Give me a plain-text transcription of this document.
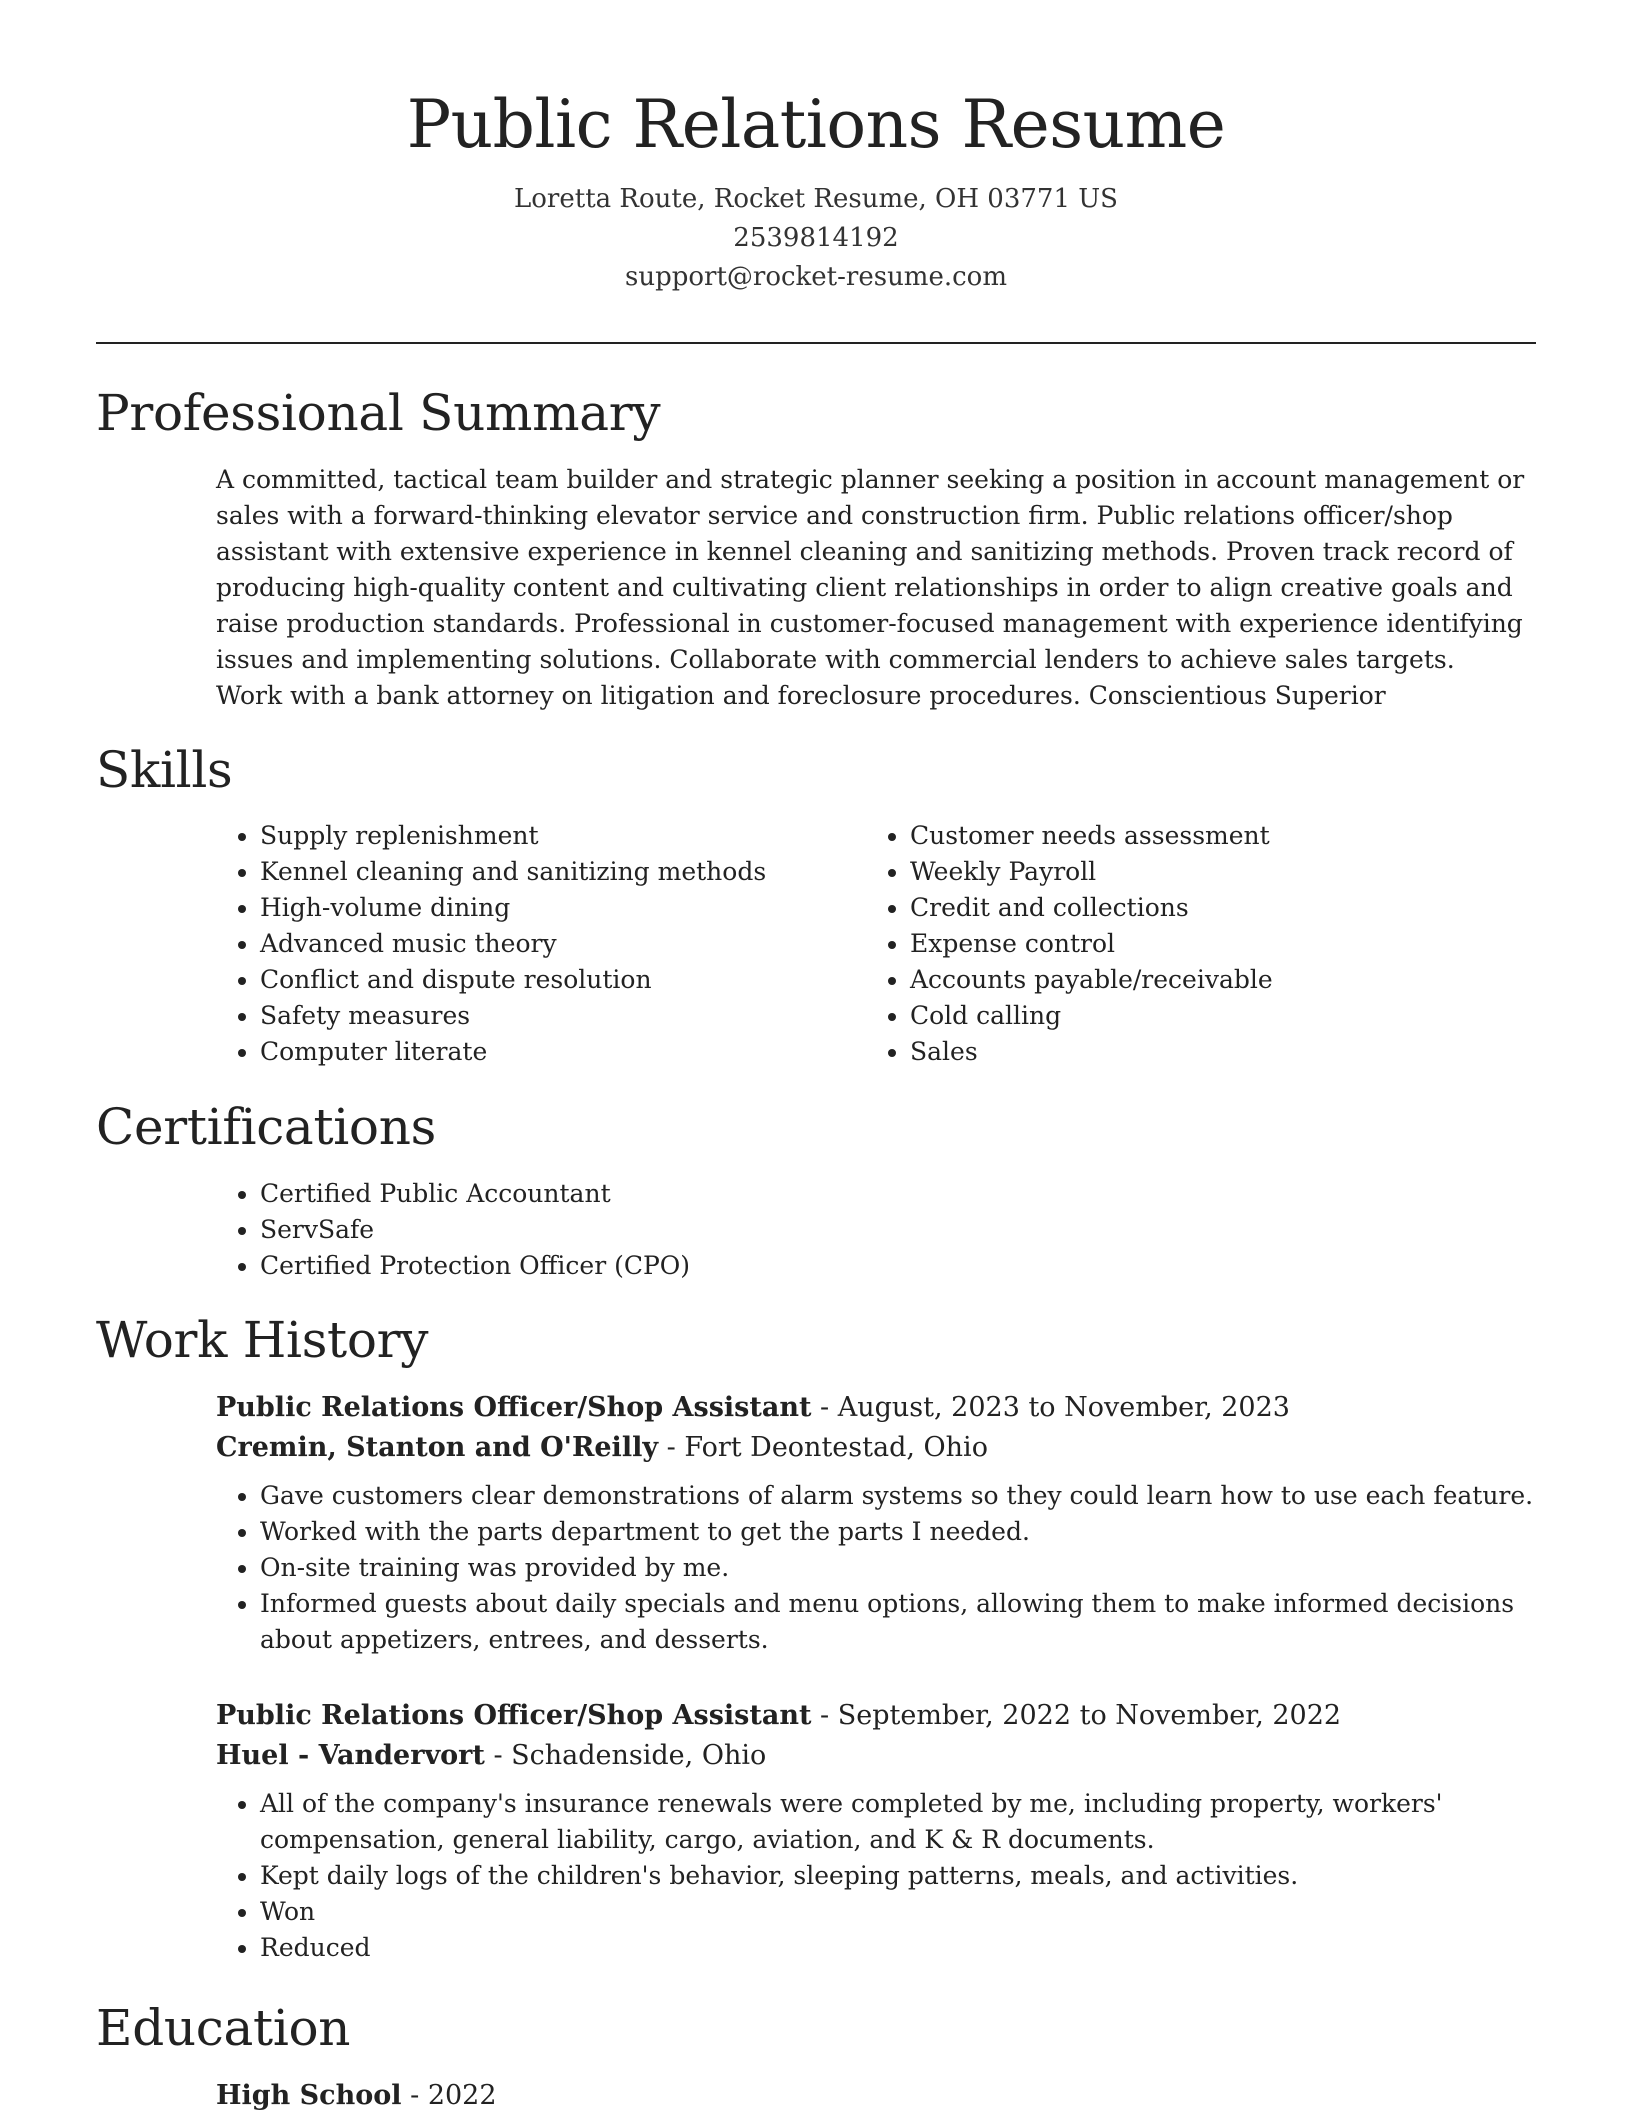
Public Relations Resume
Loretta Route, Rocket Resume, OH 03771 US
2539814192
support@rocket-resume.com
Professional Summary

A committed, tactical team builder and strategic planner seeking a position in account management or sales with a forward-thinking elevator service and construction firm. Public relations officer/shop assistant with extensive experience in kennel cleaning and sanitizing methods. Proven track record of producing high-quality content and cultivating client relationships in order to align creative goals and raise production standards. Professional in customer-focused management with experience identifying issues and implementing solutions. Collaborate with commercial lenders to achieve sales targets. Work with a bank attorney on litigation and foreclosure procedures. Conscientious Superior

Skills
• Supply replenishment
• Kennel cleaning and sanitizing methods
• High-volume dining
• Advanced music theory
• Conflict and dispute resolution
• Safety measures
• Computer literate
• Customer needs assessment
• Weekly Payroll
• Credit and collections
• Expense control
• Accounts payable/receivable
• Cold calling
• Sales
Certifications
• Certified Public Accountant
• ServSafe
• Certified Protection Officer (CPO)
Work History
Public Relations Officer/Shop Assistant - August, 2023 to November, 2023
Cremin, Stanton and O'Reilly - Fort Deontestad, Ohio
• Gave customers clear demonstrations of alarm systems so they could learn how to use each feature.
• Worked with the parts department to get the parts I needed.
• On-site training was provided by me.
• Informed guests about daily specials and menu options, allowing them to make informed decisions about appetizers, entrees, and desserts.
Public Relations Officer/Shop Assistant - September, 2022 to November, 2022
Huel - Vandervort - Schadenside, Ohio
• All of the company's insurance renewals were completed by me, including property, workers' compensation, general liability, cargo, aviation, and K & R documents.
• Kept daily logs of the children's behavior, sleeping patterns, meals, and activities.
• Won
• Reduced
Education
High School - 2022
